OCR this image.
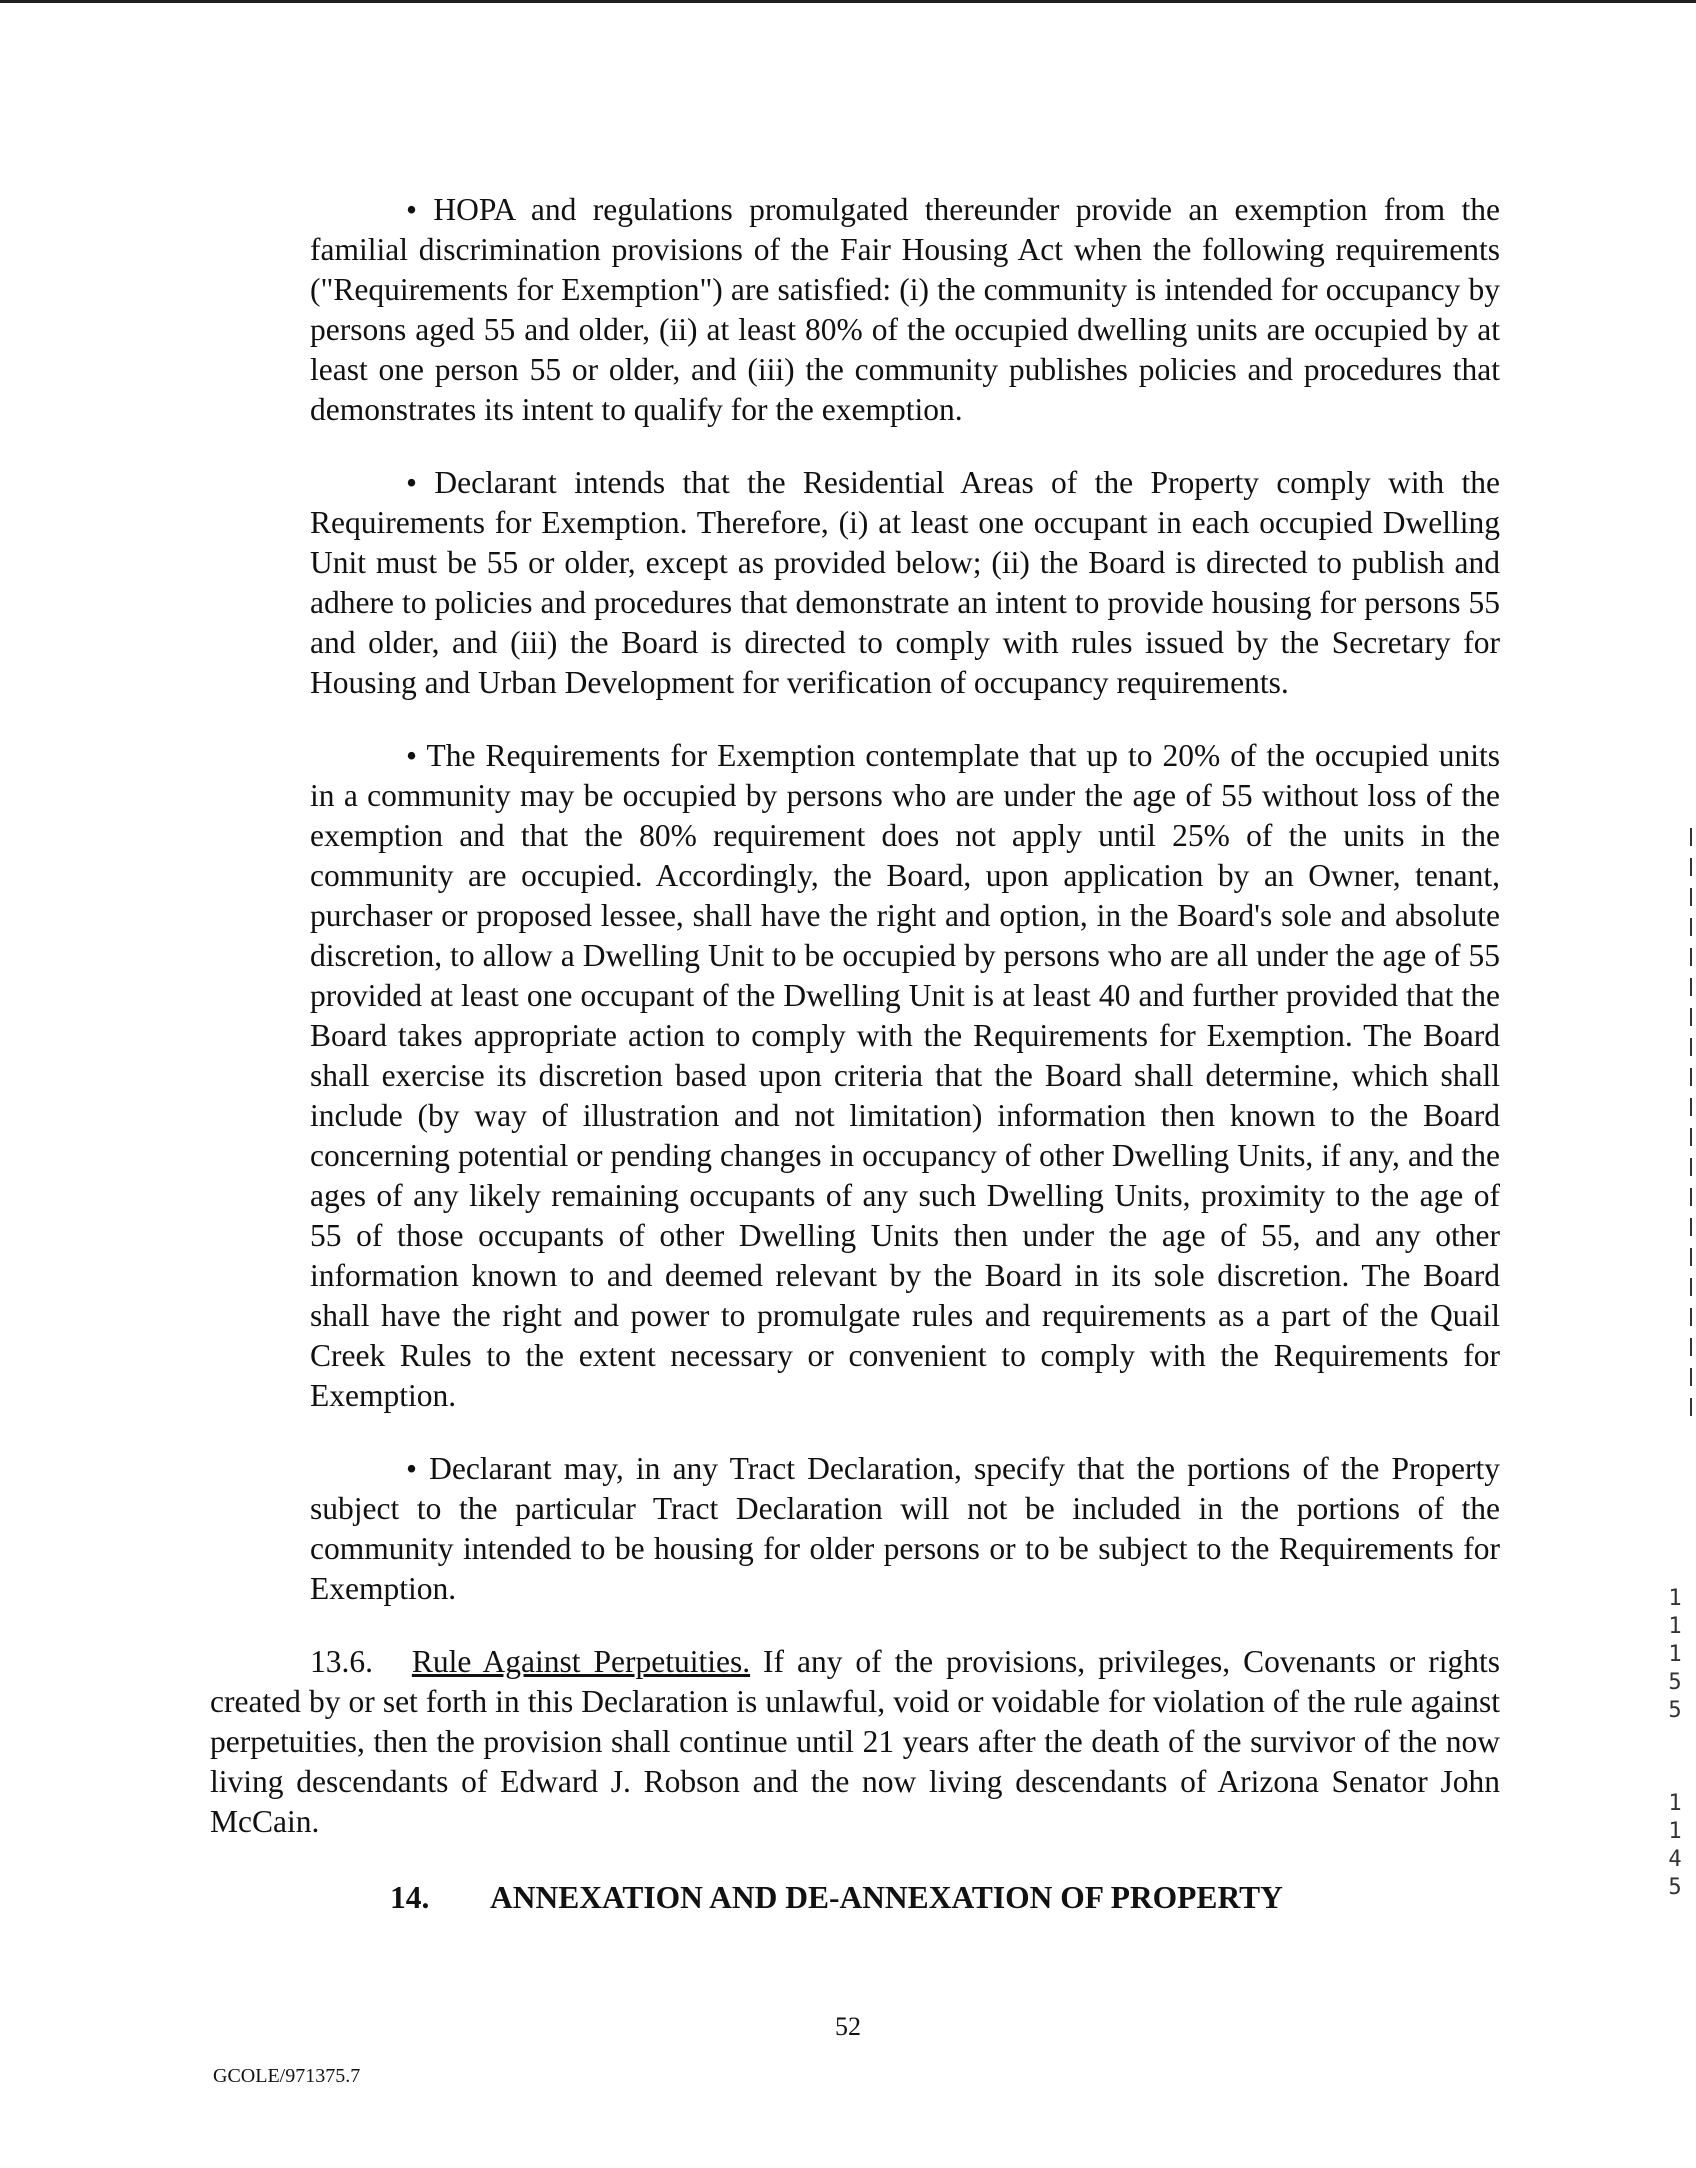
• HOPA and regulations promulgated thereunder provide an exemption from the familial discrimination provisions of the Fair Housing Act when the following requirements ("Requirements for Exemption") are satisfied: (i) the community is intended for occupancy by persons aged 55 and older, (ii) at least 80% of the occupied dwelling units are occupied by at least one person 55 or older, and (iii) the community publishes policies and procedures that demonstrates its intent to qualify for the exemption.

• Declarant intends that the Residential Areas of the Property comply with the Requirements for Exemption. Therefore, (i) at least one occupant in each occupied Dwelling Unit must be 55 or older, except as provided below; (ii) the Board is directed to publish and adhere to policies and procedures that demonstrate an intent to provide housing for persons 55 and older, and (iii) the Board is directed to comply with rules issued by the Secretary for Housing and Urban Development for verification of occupancy requirements.

• The Requirements for Exemption contemplate that up to 20% of the occupied units in a community may be occupied by persons who are under the age of 55 without loss of the exemption and that the 80% requirement does not apply until 25% of the units in the community are occupied. Accordingly, the Board, upon application by an Owner, tenant, purchaser or proposed lessee, shall have the right and option, in the Board's sole and absolute discretion, to allow a Dwelling Unit to be occupied by persons who are all under the age of 55 provided at least one occupant of the Dwelling Unit is at least 40 and further provided that the Board takes appropriate action to comply with the Requirements for Exemption. The Board shall exercise its discretion based upon criteria that the Board shall determine, which shall include (by way of illustration and not limitation) information then known to the Board concerning potential or pending changes in occupancy of other Dwelling Units, if any, and the ages of any likely remaining occupants of any such Dwelling Units, proximity to the age of 55 of those occupants of other Dwelling Units then under the age of 55, and any other information known to and deemed relevant by the Board in its sole discretion. The Board shall have the right and power to promulgate rules and requirements as a part of the Quail Creek Rules to the extent necessary or convenient to comply with the Requirements for Exemption.

• Declarant may, in any Tract Declaration, specify that the portions of the Property subject to the particular Tract Declaration will not be included in the portions of the community intended to be housing for older persons or to be subject to the Requirements for Exemption.

13.6. Rule Against Perpetuities. If any of the provisions, privileges, Covenants or rights created by or set forth in this Declaration is unlawful, void or voidable for violation of the rule against perpetuities, then the provision shall continue until 21 years after the death of the survivor of the now living descendants of Edward J. Robson and the now living descendants of Arizona Senator John McCain.

14. ANNEXATION AND DE-ANNEXATION OF PROPERTY

52
GCOLE/971375.7
1
1
1
5
5
1
1
4
5
